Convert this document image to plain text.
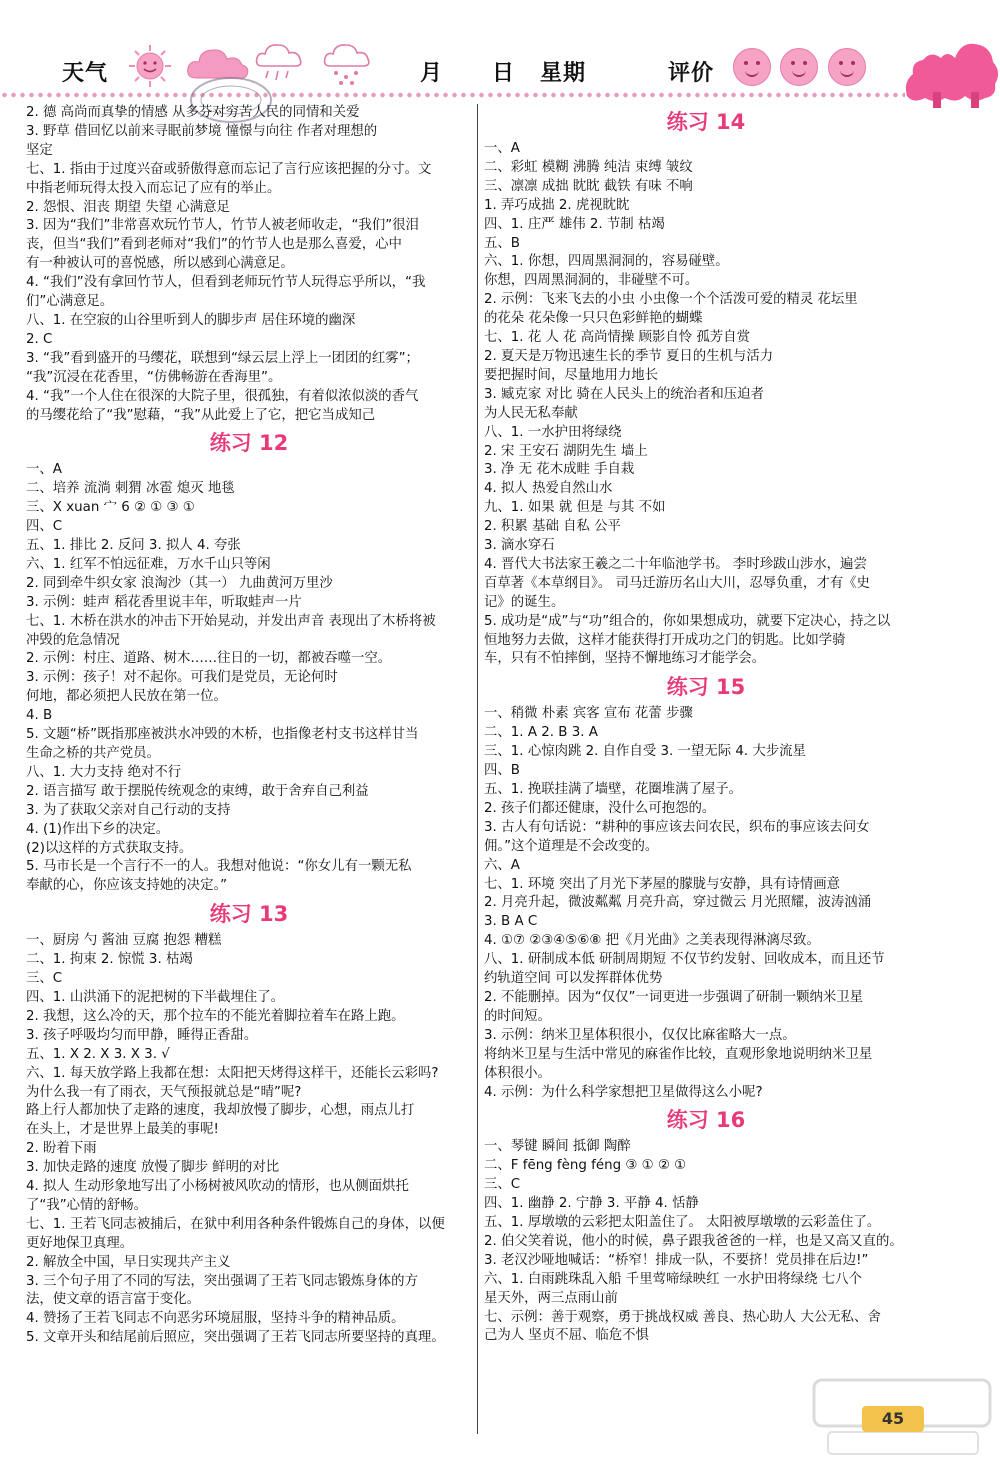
天气	月 日 星期	评价
2. 德 高尚而真挚的情感 从多芬对穷苦人民的同情和关爱
3. 野草 借回忆以前来寻眠前梦境 憧憬与向往 作者对理想的
坚定
七、1. 指由于过度兴奋或骄傲得意而忘记了言行应该把握的分寸。文
中指老师玩得太投入而忘记了应有的举止。
2. 怨恨、泪丧 期望 失望 心满意足
3. 因为“我们”非常喜欢玩竹节人，竹节人被老师收走，“我们”很泪
丧，但当“我们”看到老师对“我们”的竹节人也是那么喜爱，心中
有一种被认可的喜悦感，所以感到心满意足。
4. “我们”没有拿回竹节人，但看到老师玩竹节人玩得忘乎所以，“我
们”心满意足。
八、1. 在空寂的山谷里听到人的脚步声 居住环境的幽深
2. C
3. “我”看到盛开的马缨花，联想到“绿云层上浮上一团团的红雾”；
“我”沉浸在花香里，“仿佛畅游在香海里”。
4. “我”一个人住在很深的大院子里，很孤独，有着似浓似淡的香气
的马缨花给了“我”慰藉，“我”从此爱上了它，把它当成知己
练习 12
一、A
二、培养 流淌 刺猬 冰雹 熄灭 地毯
三、X xuan 宀 6 ② ① ③ ①
四、C
五、1. 排比 2. 反问 3. 拟人 4. 夸张
六、1. 红军不怕远征难，万水千山只等闲
2. 同到牵牛织女家 浪淘沙（其一） 九曲黄河万里沙
3. 示例：蛙声 稻花香里说丰年，听取蛙声一片
七、1. 木桥在洪水的冲击下开始晃动，并发出声音 表现出了木桥将被
冲毁的危急情况
2. 示例：村庄、道路、树木……往日的一切，都被吞噬一空。
3. 示例：孩子！对不起你。可我们是党员，无论何时
何地，都必须把人民放在第一位。
4. B
5. 文题“桥”既指那座被洪水冲毁的木桥，也指像老村支书这样甘当
生命之桥的共产党员。
八、1. 大力支持 绝对不行
2. 语言描写 敢于摆脱传统观念的束缚，敢于舍弃自己利益
3. 为了获取父亲对自己行动的支持
4. (1)作出下乡的决定。
(2)以这样的方式获取支持。
5. 马市长是一个言行不一的人。我想对他说：“你女儿有一颗无私
奉献的心，你应该支持她的决定。”
练习 13
一、厨房 勺 酱油 豆腐 抱怨 糟糕
二、1. 拘束 2. 惊慌 3. 枯竭
三、C
四、1. 山洪涌下的泥把树的下半截埋住了。
2. 我想，这么冷的天，那个拉车的不能光着脚拉着车在路上跑。
3. 孩子呼吸均匀而甲静，睡得正香甜。
五、1. X 2. X 3. X 3. √
六、1. 每天放学路上我都在想：太阳把天烤得这样干，还能长云彩吗?
为什么我一有了雨衣，天气预报就总是“晴”呢?
路上行人都加快了走路的速度，我却放慢了脚步，心想，雨点儿打
在头上，才是世界上最美的事呢!
2. 盼着下雨
3. 加快走路的速度 放慢了脚步 鲜明的对比
4. 拟人 生动形象地写出了小杨树被风吹动的情形，也从侧面烘托
了“我”心情的舒畅。
七、1. 王若飞同志被捕后，在狱中利用各种条件锻炼自己的身体，以便
更好地保卫真理。
2. 解放全中国，早日实现共产主义
3. 三个句子用了不同的写法，突出强调了王若飞同志锻炼身体的方
法，使文章的语言富于变化。
4. 赞扬了王若飞同志不向恶劣环境屈服，坚持斗争的精神品质。
5. 文章开头和结尾前后照应，突出强调了王若飞同志所要坚持的真理。
练习 14
一、A
二、彩虹 模糊 沸腾 纯洁 束缚 皱纹
三、凛凛 成拙 眈眈 截铁 有味 不响
1. 弄巧成拙 2. 虎视眈眈
四、1. 庄严 雄伟 2. 节制 枯竭
五、B
六、1. 你想，四周黑洞洞的，容易碰壁。
你想，四周黑洞洞的，非碰壁不可。
2. 示例：飞来飞去的小虫 小虫像一个个活泼可爱的精灵 花坛里
的花朵 花朵像一只只色彩鲜艳的蝴蝶
七、1. 花 人 花 高尚情操 顾影自怜 孤芳自赏
2. 夏天是万物迅速生长的季节 夏日的生机与活力
要把握时间，尽量地用力地长
3. 臧克家 对比 骑在人民头上的统治者和压迫者
为人民无私奉献
八、1. 一水护田将绿绕
2. 宋 王安石 湖阴先生 墙上
3. 净 无 花木成畦 手自栽
4. 拟人 热爱自然山水
九、1. 如果 就 但是 与其 不如
2. 积累 基础 自私 公平
3. 滴水穿石
4. 晋代大书法家王羲之二十年临池学书。 李时珍跋山涉水，遍尝
百草著《本草纲目》。 司马迁游历名山大川，忍辱负重，才有《史
记》的诞生。
5. 成功是“成”与“功”组合的，你如果想成功，就要下定决心，持之以
恒地努力去做，这样才能获得打开成功之门的钥匙。比如学骑
车，只有不怕摔倒，坚持不懈地练习才能学会。
练习 15
一、稍微 朴素 宾客 宣布 花蕾 步骤
二、1. A 2. B 3. A
三、1. 心惊肉跳 2. 自作自受 3. 一望无际 4. 大步流星
四、B
五、1. 挽联挂满了墙壁，花圈堆满了屋子。
2. 孩子们都还健康，没什么可抱怨的。
3. 古人有句话说：“耕种的事应该去问农民，织布的事应该去问女
佣。”这个道理是不会改变的。
六、A
七、1. 环境 突出了月光下茅屋的朦胧与安静，具有诗情画意
2. 月亮升起，微波粼粼 月亮升高，穿过微云 月光照耀，波涛汹涌
3. B A C
4. ①⑦ ②③④⑤⑥⑧ 把《月光曲》之美表现得淋漓尽致。
八、1. 研制成本低 研制周期短 不仅节约发射、回收成本，而且还节
约轨道空间 可以发挥群体优势
2. 不能删掉。因为“仅仅”一词更进一步强调了研制一颗纳米卫星
的时间短。
3. 示例：纳米卫星体积很小，仅仅比麻雀略大一点。
将纳米卫星与生活中常见的麻雀作比较，直观形象地说明纳米卫星
体积很小。
4. 示例：为什么科学家想把卫星做得这么小呢?
练习 16
一、琴键 瞬间 抵御 陶醉
二、F fēng fèng féng ③ ① ② ①
三、C
四、1. 幽静 2. 宁静 3. 平静 4. 恬静
五、1. 厚墩墩的云彩把太阳盖住了。 太阳被厚墩墩的云彩盖住了。
2. 伯父笑着说，他小的时候，鼻子跟我爸爸的一样，也是又高又直的。
3. 老汉沙哑地喊话：“桥窄！排成一队，不要挤！党员排在后边!”
六、1. 白雨跳珠乱入船 千里莺啼绿映红 一水护田将绿绕 七八个
星天外，两三点雨山前
七、示例：善于观察，勇于挑战权威 善良、热心助人 大公无私、舍
己为人 坚贞不屈、临危不惧
45
